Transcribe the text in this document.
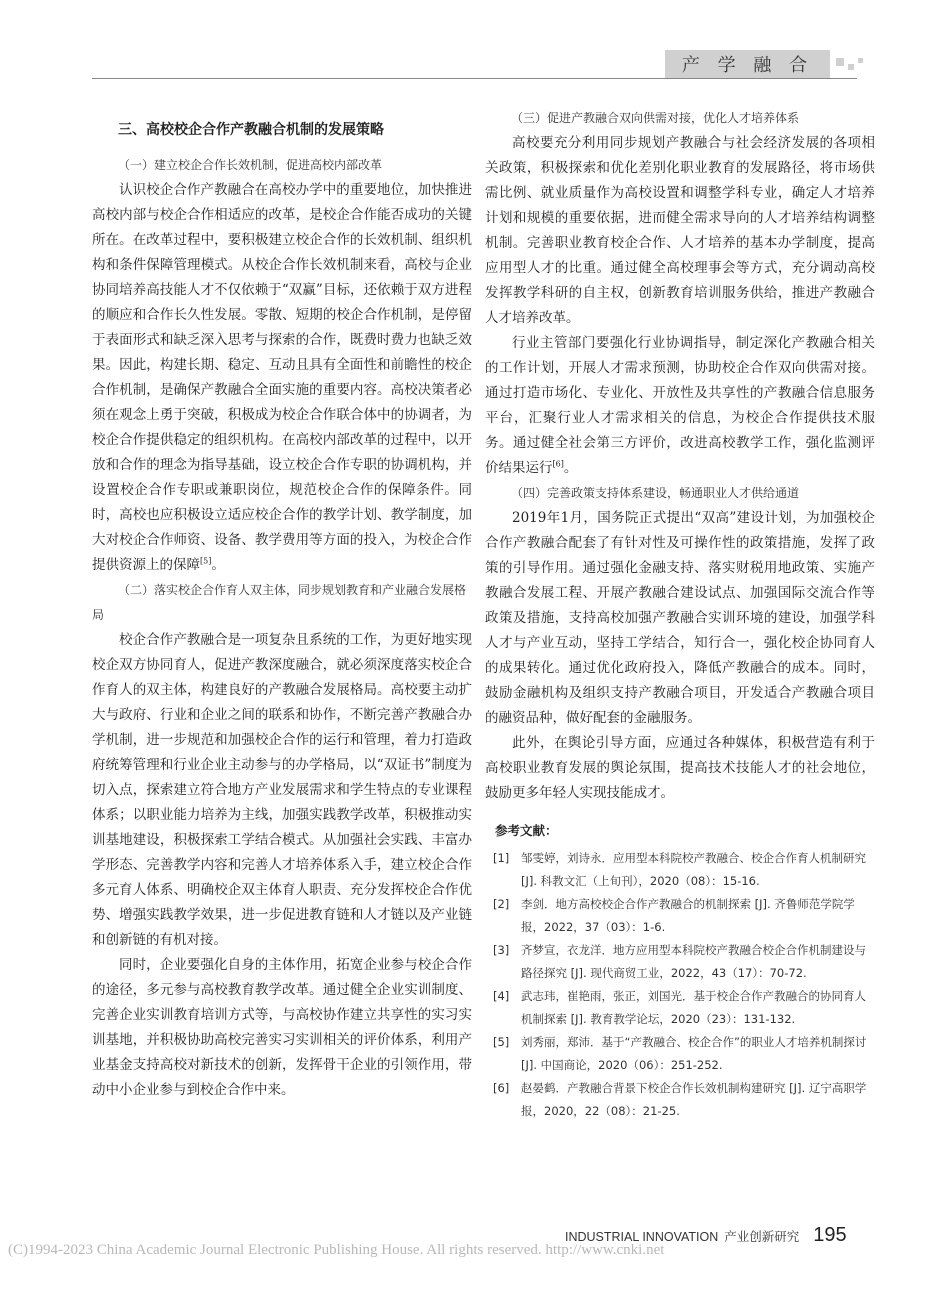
产 学 融 合
三、高校校企合作产教融合机制的发展策略

（一）建立校企合作长效机制，促进高校内部改革

认识校企合作产教融合在高校办学中的重要地位，加快推进高校内部与校企合作相适应的改革，是校企合作能否成功的关键所在。在改革过程中，要积极建立校企合作的长效机制、组织机构和条件保障管理模式。从校企合作长效机制来看，高校与企业协同培养高技能人才不仅依赖于“双赢”目标，还依赖于双方进程的顺应和合作长久性发展。零散、短期的校企合作机制，是停留于表面形式和缺乏深入思考与探索的合作，既费时费力也缺乏效果。因此，构建长期、稳定、互动且具有全面性和前瞻性的校企合作机制，是确保产教融合全面实施的重要内容。高校决策者必须在观念上勇于突破，积极成为校企合作联合体中的协调者，为校企合作提供稳定的组织机构。在高校内部改革的过程中，以开放和合作的理念为指导基础，设立校企合作专职的协调机构，并设置校企合作专职或兼职岗位，规范校企合作的保障条件。同时，高校也应积极设立适应校企合作的教学计划、教学制度，加大对校企合作师资、设备、教学费用等方面的投入，为校企合作提供资源上的保障[5]。

（二）落实校企合作育人双主体，同步规划教育和产业融合发展格局

校企合作产教融合是一项复杂且系统的工作，为更好地实现校企双方协同育人，促进产教深度融合，就必须深度落实校企合作育人的双主体，构建良好的产教融合发展格局。高校要主动扩大与政府、行业和企业之间的联系和协作，不断完善产教融合办学机制，进一步规范和加强校企合作的运行和管理，着力打造政府统筹管理和行业企业主动参与的办学格局，以“双证书”制度为切入点，探索建立符合地方产业发展需求和学生特点的专业课程体系；以职业能力培养为主线，加强实践教学改革，积极推动实训基地建设，积极探索工学结合模式。从加强社会实践、丰富办学形态、完善教学内容和完善人才培养体系入手，建立校企合作多元育人体系、明确校企双主体育人职责、充分发挥校企合作优势、增强实践教学效果，进一步促进教育链和人才链以及产业链和创新链的有机对接。

同时，企业要强化自身的主体作用，拓宽企业参与校企合作的途径，多元参与高校教育教学改革。通过健全企业实训制度、完善企业实训教育培训方式等，与高校协作建立共享性的实习实训基地，并积极协助高校完善实习实训相关的评价体系，利用产业基金支持高校对新技术的创新，发挥骨干企业的引领作用，带动中小企业参与到校企合作中来。

（三）促进产教融合双向供需对接，优化人才培养体系

高校要充分利用同步规划产教融合与社会经济发展的各项相关政策，积极探索和优化差别化职业教育的发展路径，将市场供需比例、就业质量作为高校设置和调整学科专业，确定人才培养计划和规模的重要依据，进而健全需求导向的人才培养结构调整机制。完善职业教育校企合作、人才培养的基本办学制度，提高应用型人才的比重。通过健全高校理事会等方式，充分调动高校发挥教学科研的自主权，创新教育培训服务供给，推进产教融合人才培养改革。

行业主管部门要强化行业协调指导，制定深化产教融合相关的工作计划，开展人才需求预测，协助校企合作双向供需对接。通过打造市场化、专业化、开放性及共享性的产教融合信息服务平台，汇聚行业人才需求相关的信息，为校企合作提供技术服务。通过健全社会第三方评价，改进高校教学工作，强化监测评价结果运行[6]。

（四）完善政策支持体系建设，畅通职业人才供给通道

2019年1月，国务院正式提出“双高”建设计划，为加强校企合作产教融合配套了有针对性及可操作性的政策措施，发挥了政策的引导作用。通过强化金融支持、落实财税用地政策、实施产教融合发展工程、开展产教融合建设试点、加强国际交流合作等政策及措施，支持高校加强产教融合实训环境的建设，加强学科人才与产业互动，坚持工学结合，知行合一，强化校企协同育人的成果转化。通过优化政府投入，降低产教融合的成本。同时，鼓励金融机构及组织支持产教融合项目，开发适合产教融合项目的融资品种，做好配套的金融服务。

此外，在舆论引导方面，应通过各种媒体，积极营造有利于高校职业教育发展的舆论氛围，提高技术技能人才的社会地位，鼓励更多年轻人实现技能成才。

参考文献：
[1] 邹雯婷，刘诗永．应用型本科院校产教融合、校企合作育人机制研究 [J]. 科教文汇（上旬刊），2020（08）：15-16.
[2] 李剑．地方高校校企合作产教融合的机制探索 [J]. 齐鲁师范学院学报，2022，37（03）：1-6.
[3] 齐梦宣，衣龙洋．地方应用型本科院校产教融合校企合作机制建设与路径探究 [J]. 现代商贸工业，2022，43（17）：70-72.
[4] 武志玮，崔艳雨，张正，刘国光．基于校企合作产教融合的协同育人机制探索 [J]. 教育教学论坛，2020（23）：131-132.
[5] 刘秀丽，郑沛．基于“产教融合、校企合作”的职业人才培养机制探讨 [J]. 中国商论，2020（06）：251-252.
[6] 赵晏鹤．产教融合背景下校企合作长效机制构建研究 [J]. 辽宁高职学报，2020，22（08）：21-25.
INDUSTRIAL INNOVATION 产业创新研究 195
(C)1994-2023 China Academic Journal Electronic Publishing House. All rights reserved. http://www.cnki.net
